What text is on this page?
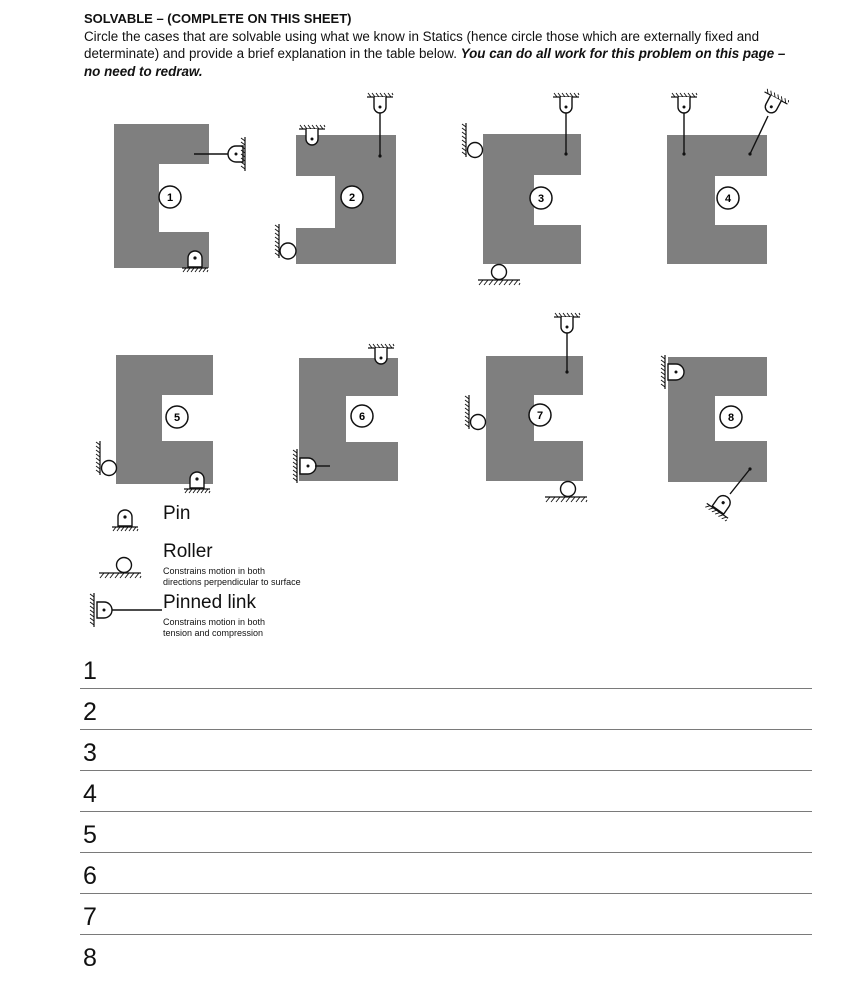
SOLVABLE – (COMPLETE ON THIS SHEET)
Circle the cases that are solvable using what we know in Statics (hence circle those which are externally fixed and determinate) and provide a brief explanation in the table below. You can do all work for this problem on this page – no need to redraw.
1	2	3	4
5	6	7	8
Pin
Roller
Constrains motion in both
directions perpendicular to surface
Pinned link
Constrains motion in both
tension and compression
1
2
3
4
5
6
7
8
